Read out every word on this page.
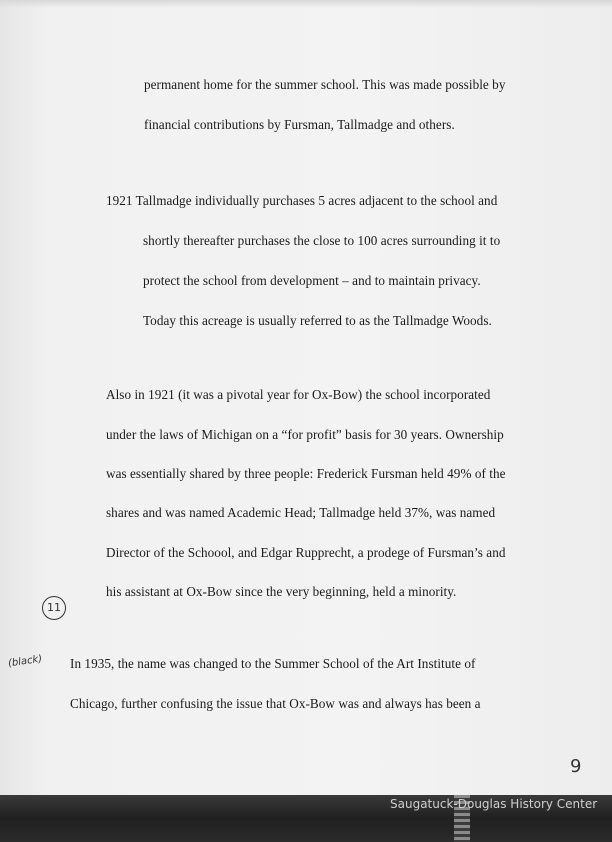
permanent home for the summer school. This was made possible by
financial contributions by Fursman, Tallmadge and others.
1921 Tallmadge individually purchases 5 acres adjacent to the school and
shortly thereafter purchases the close to 100 acres surrounding it to
protect the school from development – and to maintain privacy.
Today this acreage is usually referred to as the Tallmadge Woods.
Also in 1921 (it was a pivotal year for Ox-Bow) the school incorporated
under the laws of Michigan on a “for profit” basis for 30 years. Ownership
was essentially shared by three people: Frederick Fursman held 49% of the
shares and was named Academic Head; Tallmadge held 37%, was named
Director of the Schoool, and Edgar Rupprecht, a prodege of Fursman’s and
his assistant at Ox-Bow since the very beginning, held a minority.
In 1935, the name was changed to the Summer School of the Art Institute of
Chicago, further confusing the issue that Ox-Bow was and always has been a
11
(black)
9
Saugatuck-Douglas History Center
